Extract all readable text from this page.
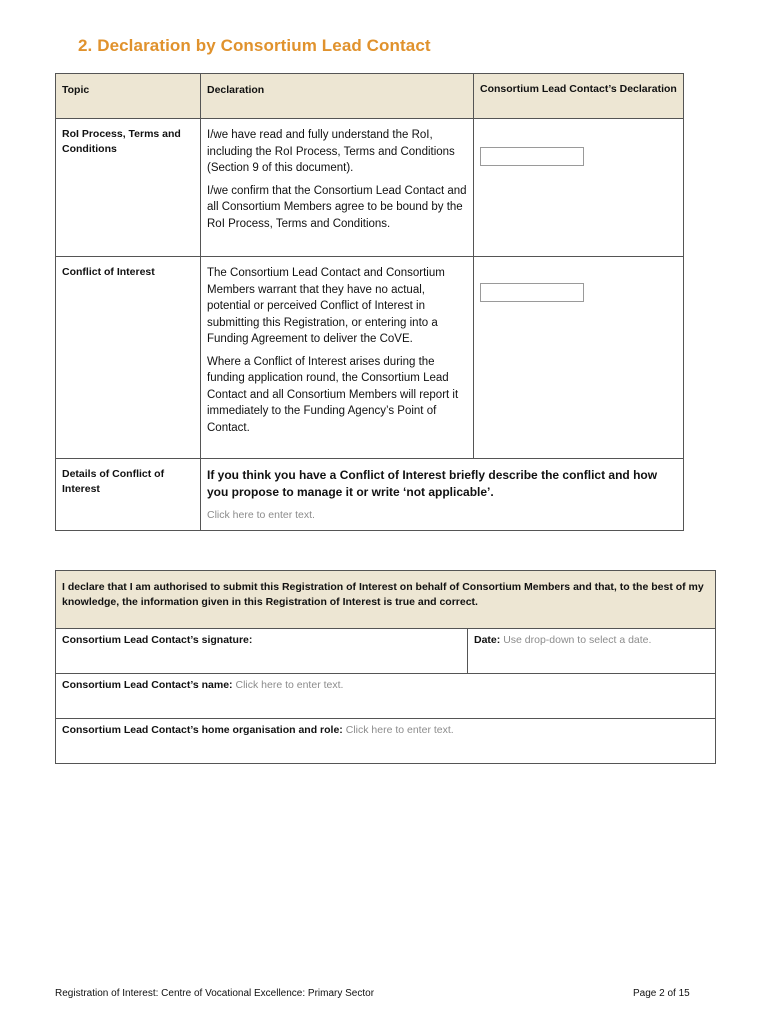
2. Declaration by Consortium Lead Contact
Topic	Declaration	Consortium Lead Contact’s Declaration

RoI Process, Terms and Conditions	I/we have read and fully understand the RoI, including the RoI Process, Terms and Conditions (Section 9 of this document).

I/we confirm that the Consortium Lead Contact and all Consortium Members agree to be bound by the RoI Process, Terms and Conditions.	

Conflict of Interest	The Consortium Lead Contact and Consortium Members warrant that they have no actual, potential or perceived Conflict of Interest in submitting this Registration, or entering into a Funding Agreement to deliver the CoVE.

Where a Conflict of Interest arises during the funding application round, the Consortium Lead Contact and all Consortium Members will report it immediately to the Funding Agency’s Point of Contact.	

Details of Conflict of Interest	If you think you have a Conflict of Interest briefly describe the conflict and how you propose to manage it or write ‘not applicable’.
Click here to enter text.	
I declare that I am authorised to submit this Registration of Interest on behalf of Consortium Members and that, to the best of my knowledge, the information given in this Registration of Interest is true and correct.
Consortium Lead Contact’s signature:	Date: Use drop-down to select a date.
Consortium Lead Contact’s name: Click here to enter text.
Consortium Lead Contact’s home organisation and role: Click here to enter text.
Registration of Interest: Centre of Vocational Excellence: Primary Sector	Page 2 of 15
